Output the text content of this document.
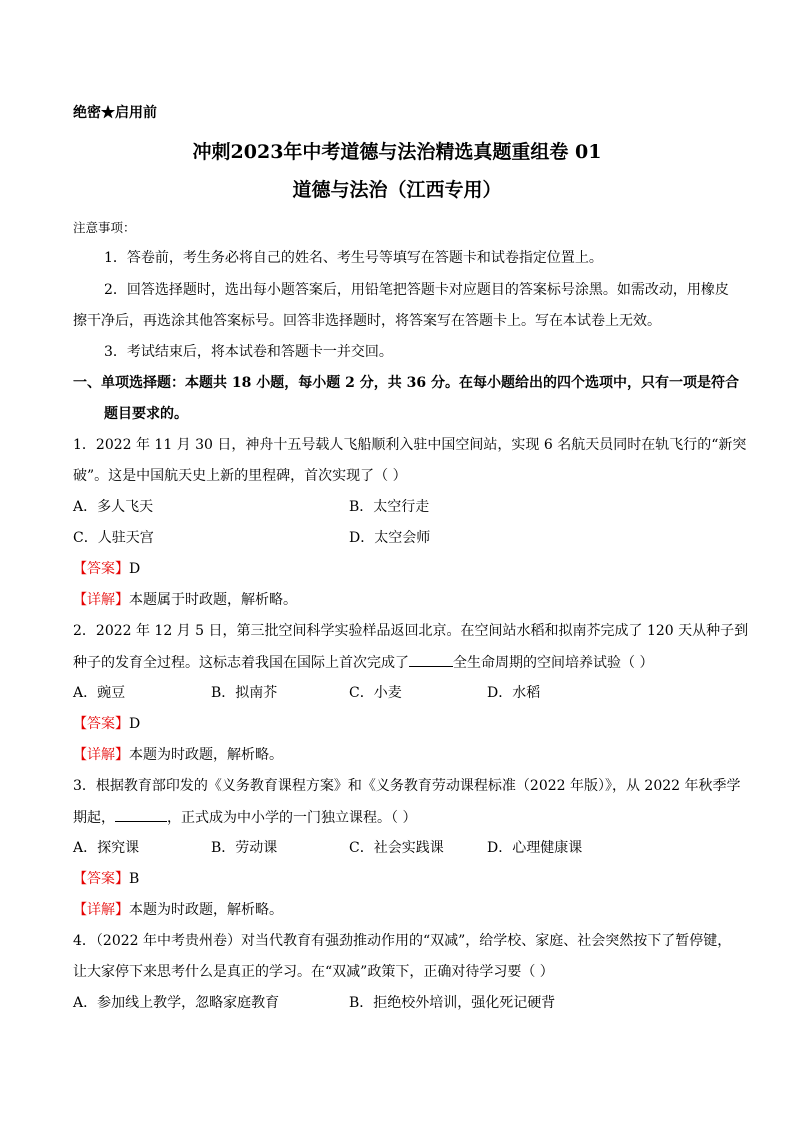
绝密★启用前
冲刺2023年中考道德与法治精选真题重组卷 01
道德与法治（江西专用）
注意事项：
1．答卷前，考生务必将自己的姓名、考生号等填写在答题卡和试卷指定位置上。
2．回答选择题时，选出每小题答案后，用铅笔把答题卡对应题目的答案标号涂黑。如需改动，用橡皮
擦干净后，再选涂其他答案标号。回答非选择题时，将答案写在答题卡上。写在本试卷上无效。
3．考试结束后，将本试卷和答题卡一并交回。
一、单项选择题：本题共 18 小题，每小题 2 分，共 36 分。在每小题给出的四个选项中，只有一项是符合
题目要求的。
1．2022 年 11 月 30 日，神舟十五号载人飞船顺利入驻中国空间站，实现 6 名航天员同时在轨飞行的“新突
破”。这是中国航天史上新的里程碑，首次实现了（ ）
A．多人飞天	B．太空行走
C．人驻天宫	D．太空会师
【答案】D
【详解】本题属于时政题，解析略。
2．2022 年 12 月 5 日，第三批空间科学实验样品返回北京。在空间站水稻和拟南芥完成了 120 天从种子到
种子的发育全过程。这标志着我国在国际上首次完成了	全生命周期的空间培养试验（ ）
A．豌豆	B．拟南芥	C．小麦	D．水稻
【答案】D
【详解】本题为时政题，解析略。
3．根据教育部印发的《义务教育课程方案》和《义务教育劳动课程标准（2022 年版）》，从 2022 年秋季学
期起，	，正式成为中小学的一门独立课程。（ ）
A．探究课	B．劳动课	C．社会实践课	D．心理健康课
【答案】B
【详解】本题为时政题，解析略。
4．（2022 年中考贵州卷）对当代教育有强劲推动作用的“双减”，给学校、家庭、社会突然按下了暂停键，
让大家停下来思考什么是真正的学习。在“双减”政策下，正确对待学习要（ ）
A．参加线上教学，忽略家庭教育	B．拒绝校外培训，强化死记硬背
